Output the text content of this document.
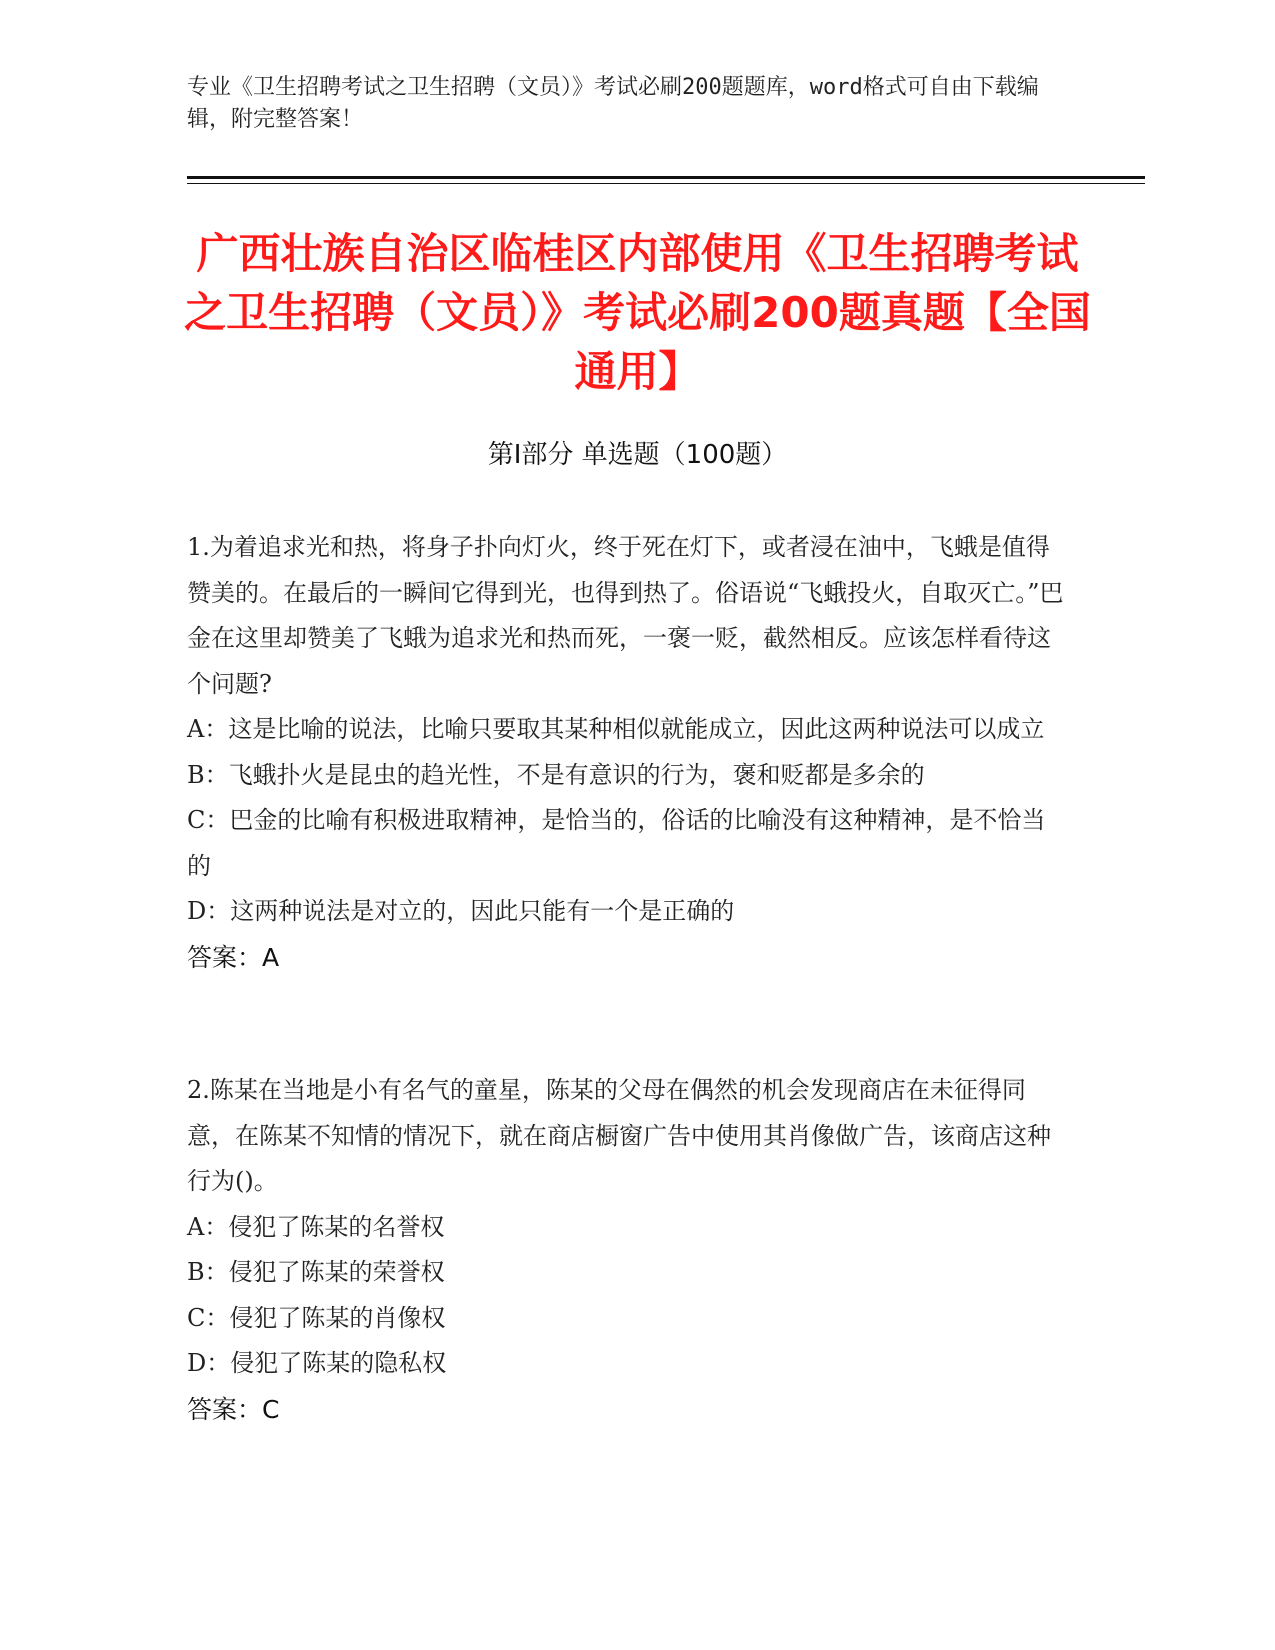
专业《卫生招聘考试之卫生招聘（文员）》考试必刷200题题库，word格式可自由下载编辑，附完整答案！
广西壮族自治区临桂区内部使用《卫生招聘考试之卫生招聘（文员）》考试必刷200题真题【全国通用】
第Ⅰ部分 单选题（100题）

1.为着追求光和热，将身子扑向灯火，终于死在灯下，或者浸在油中，飞蛾是值得赞美的。在最后的一瞬间它得到光，也得到热了。俗语说“飞蛾投火，自取灭亡。”巴金在这里却赞美了飞蛾为追求光和热而死，一褒一贬，截然相反。应该怎样看待这个问题?

A：这是比喻的说法，比喻只要取其某种相似就能成立，因此这两种说法可以成立

B：飞蛾扑火是昆虫的趋光性，不是有意识的行为，褒和贬都是多余的

C：巴金的比喻有积极进取精神，是恰当的，俗话的比喻没有这种精神，是不恰当的

D：这两种说法是对立的，因此只能有一个是正确的

答案：A

2.陈某在当地是小有名气的童星，陈某的父母在偶然的机会发现商店在未征得同意，在陈某不知情的情况下，就在商店橱窗广告中使用其肖像做广告，该商店这种行为()。

A：侵犯了陈某的名誉权

B：侵犯了陈某的荣誉权

C：侵犯了陈某的肖像权

D：侵犯了陈某的隐私权

答案：C
